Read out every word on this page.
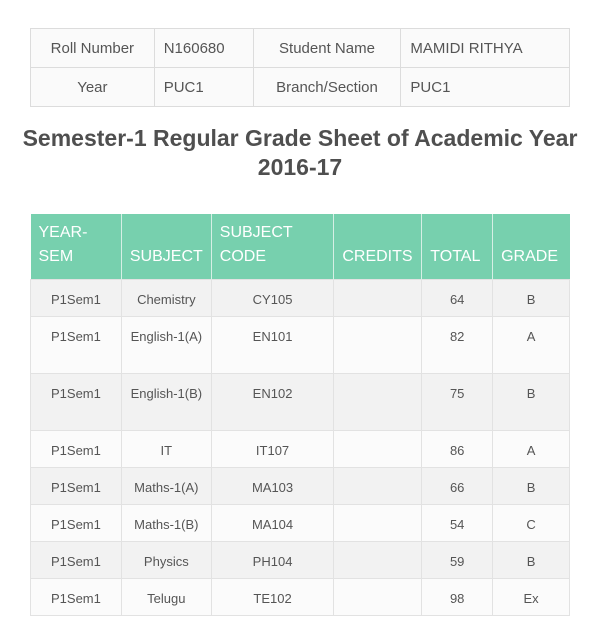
Roll Number	N160680	Student Name	MAMIDI RITHYA
Year	PUC1	Branch/Section	PUC1
Semester-1 Regular Grade Sheet of Academic Year 2016-17
YEAR-SEM	SUBJECT	SUBJECT CODE	CREDITS	TOTAL	GRADE
P1Sem1	Chemistry	CY105		64	B
P1Sem1	English-1(A)	EN101		82	A
P1Sem1	English-1(B)	EN102		75	B
P1Sem1	IT	IT107		86	A
P1Sem1	Maths-1(A)	MA103		66	B
P1Sem1	Maths-1(B)	MA104		54	C
P1Sem1	Physics	PH104		59	B
P1Sem1	Telugu	TE102		98	Ex
